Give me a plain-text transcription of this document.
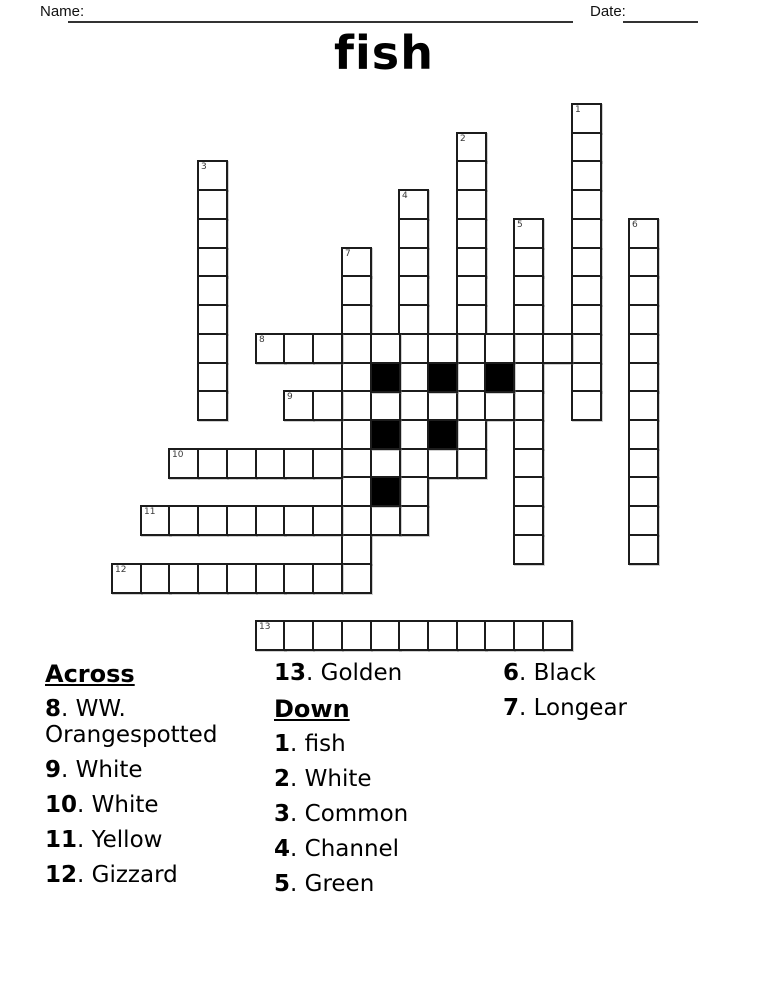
Name:	Date:
fish
1
2
3
4
5	6
7
8
9
10
11
12
13
Across
8. WW. Orangespotted
9. White
10. White
11. Yellow
12. Gizzard
13. Golden
Down
1. fish
2. White
3. Common
4. Channel
5. Green
6. Black
7. Longear
